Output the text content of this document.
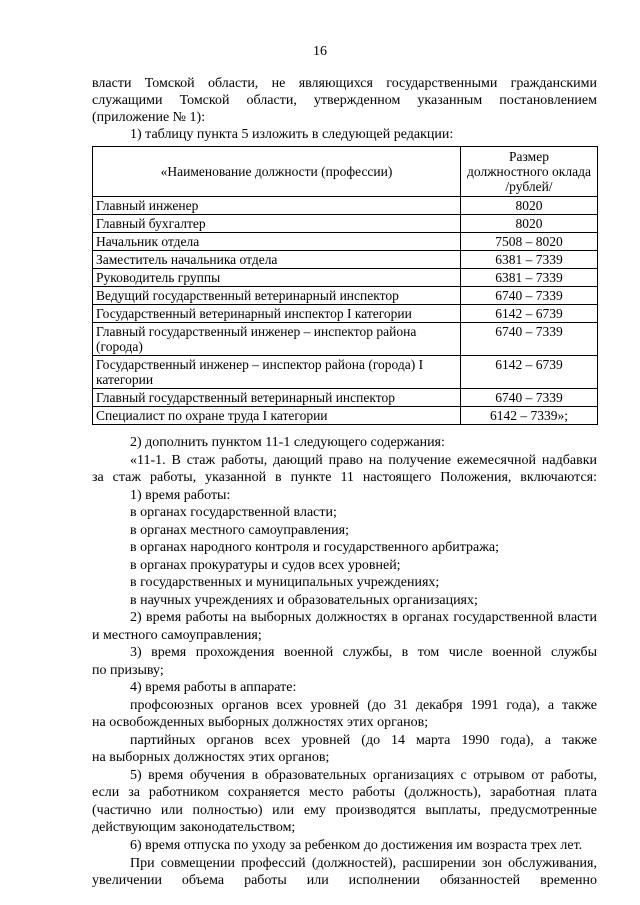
16
власти Томской области, не являющихся государственными гражданскими
служащими Томской области, утвержденном указанным постановлением
(приложение № 1):
1) таблицу пункта 5 изложить в следующей редакции:
«Наименование должности (профессии)	Размер
должностного оклада
/рублей/

Главный инженер	8020
Главный бухгалтер	8020
Начальник отдела	7508 – 8020
Заместитель начальника отдела	6381 – 7339
Руководитель группы	6381 – 7339
Ведущий государственный ветеринарный инспектор	6740 – 7339
Государственный ветеринарный инспектор I категории	6142 – 6739
Главный государственный инженер – инспектор района (города)	6740 – 7339
Государственный инженер – инспектор района (города) I категории	6142 – 6739
Главный государственный ветеринарный инспектор	6740 – 7339
Специалист по охране труда I категории	6142 – 7339»;
2) дополнить пунктом 11-1 следующего содержания:
«11-1. В стаж работы, дающий право на получение ежемесячной надбавки
за стаж работы, указанной в пункте 11 настоящего Положения, включаются:
1) время работы:
в органах государственной власти;
в органах местного самоуправления;
в органах народного контроля и государственного арбитража;
в органах прокуратуры и судов всех уровней;
в государственных и муниципальных учреждениях;
в научных учреждениях и образовательных организациях;
2) время работы на выборных должностях в органах государственной власти
и местного самоуправления;
3) время прохождения военной службы, в том числе военной службы
по призыву;
4) время работы в аппарате:
профсоюзных органов всех уровней (до 31 декабря 1991 года), а также
на освобожденных выборных должностях этих органов;
партийных органов всех уровней (до 14 марта 1990 года), а также
на выборных должностях этих органов;
5) время обучения в образовательных организациях с отрывом от работы,
если за работником сохраняется место работы (должность), заработная плата
(частично или полностью) или ему производятся выплаты, предусмотренные
действующим законодательством;
6) время отпуска по уходу за ребенком до достижения им возраста трех лет.
При совмещении профессий (должностей), расширении зон обслуживания,
увеличении объема работы или исполнении обязанностей временно
